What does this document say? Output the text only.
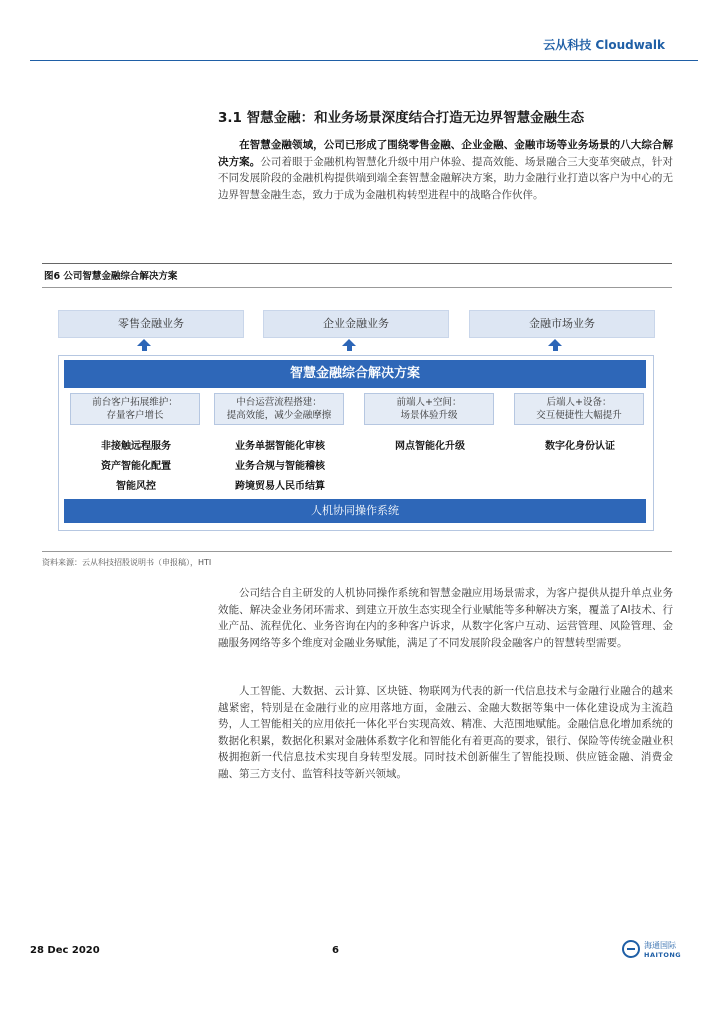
云从科技 Cloudwalk
3.1 智慧金融：和业务场景深度结合打造无边界智慧金融生态
在智慧金融领域，公司已形成了围绕零售金融、企业金融、金融市场等业务场景的八大综合解决方案。公司着眼于金融机构智慧化升级中用户体验、提高效能、场景融合三大变革突破点，针对不同发展阶段的金融机构提供端到端全套智慧金融解决方案，助力金融行业打造以客户为中心的无边界智慧金融生态，致力于成为金融机构转型进程中的战略合作伙伴。
图6 公司智慧金融综合解决方案
零售金融业务	企业金融业务	金融市场业务
智慧金融综合解决方案
前台客户拓展维护：
存量客户增长
中台运营流程搭建：
提高效能，减少金融摩擦
前端人+空间：
场景体验升级
后端人+设备：
交互便捷性大幅提升
非接触远程服务
资产智能化配置
智能风控
业务单据智能化审核
业务合规与智能稽核
跨境贸易人民币结算
网点智能化升级	数字化身份认证
人机协同操作系统
资料来源：云从科技招股说明书（申报稿），HTI
公司结合自主研发的人机协同操作系统和智慧金融应用场景需求，为客户提供从提升单点业务效能、解决金业务闭环需求、到建立开放生态实现全行业赋能等多种解决方案，覆盖了AI技术、行业产品、流程优化、业务咨询在内的多种客户诉求，从数字化客户互动、运营管理、风险管理、金融服务网络等多个维度对金融业务赋能，满足了不同发展阶段金融客户的智慧转型需要。
人工智能、大数据、云计算、区块链、物联网为代表的新一代信息技术与金融行业融合的越来越紧密，特别是在金融行业的应用落地方面，金融云、金融大数据等集中一体化建设成为主流趋势，人工智能相关的应用依托一体化平台实现高效、精准、大范围地赋能。金融信息化增加系统的数据化积累，数据化积累对金融体系数字化和智能化有着更高的要求，银行、保险等传统金融业积极拥抱新一代信息技术实现自身转型发展。同时技术创新催生了智能投顾、供应链金融、消费金融、第三方支付、监管科技等新兴领域。
28 Dec 2020	6	海通国际
HAITONG
